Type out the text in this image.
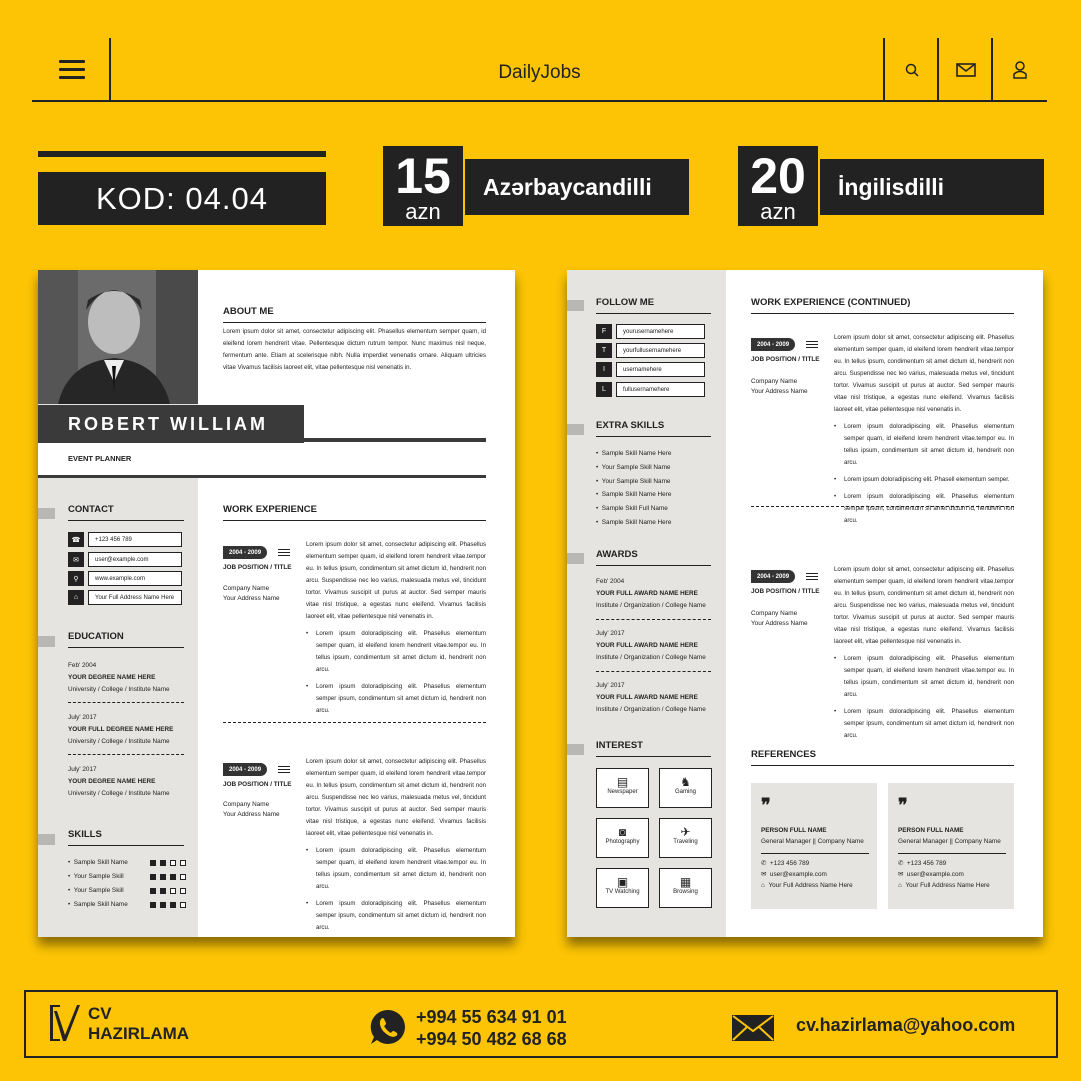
DailyJobs
KOD: 04.04	15
azn
Azərbaycandilli	20
azn
İngilisdilli
ROBERT WILLIAM
EVENT PLANNER
ABOUT ME
Lorem ipsum dolor sit amet, consectetur adipiscing elit. Phasellus elementum semper quam, id eleifend lorem hendrerit vitae. Pellentesque dictum rutrum tempor. Nunc maximus nisl neque, fermentum ante. Etiam at scelerisque nibh. Nulla imperdiet venenatis ornare. Aliquam ultricies vitae Vivamus facilisis laoreet elit, vitae pellentesque nisl venenatis in.
CONTACT
☎	+123 456 789
✉	user@example.com
⚲	www.example.com
⌂	Your Full Address Name Here
EDUCATION
Feb' 2004
YOUR DEGREE NAME HERE
University / College / Institute Name
July' 2017
YOUR FULL DEGREE NAME HERE
University / College / Institute Name
July' 2017
YOUR DEGREE NAME HERE
University / College / Institute Name
SKILLS
•  Sample Skill Name
•  Your Sample Skill
•  Your Sample Skill
•  Sample Skill Name
WORK EXPERIENCE
2004 - 2009
JOB POSITION / TITLE
Company Name
Your Address Name
Lorem ipsum dolor sit amet, consectetur adipiscing elit. Phasellus elementum semper quam, id eleifend lorem hendrerit vitae.tempor eu. In tellus ipsum, condimentum sit amet dictum id, hendrerit non arcu. Suspendisse nec leo varius, malesuada metus vel, tincidunt tortor. Vivamus suscipit ut purus at auctor. Sed semper mauris vitae nisl tristique, a egestas nunc eleifend. Vivamus facilisis laoreet elit, vitae pellentesque nisl venenatis in.
• Lorem ipsum doloradipiscing elit. Phasellus elementum semper quam, id eleifend lorem hendrerit vitae.tempor eu. In tellus ipsum, condimentum sit amet dictum id, hendrerit non arcu.
• Lorem ipsum doloradipiscing elit. Phasellus elementum semper ipsum, condimentum sit amet dictum id, hendrerit non arcu.
2004 - 2009
JOB POSITION / TITLE
Company Name
Your Address Name
Lorem ipsum dolor sit amet, consectetur adipiscing elit. Phasellus elementum semper quam, id eleifend lorem hendrerit vitae.tempor eu. In tellus ipsum, condimentum sit amet dictum id, hendrerit non arcu. Suspendisse nec leo varius, malesuada metus vel, tincidunt tortor. Vivamus suscipit ut purus at auctor. Sed semper mauris vitae nisl tristique, a egestas nunc eleifend. Vivamus facilisis laoreet elit, vitae pellentesque nisl venenatis in.
• Lorem ipsum doloradipiscing elit. Phasellus elementum semper quam, id eleifend lorem hendrerit vitae.tempor eu. In tellus ipsum, condimentum sit amet dictum id, hendrerit non arcu.
• Lorem ipsum doloradipiscing elit. Phasellus elementum semper ipsum, condimentum sit amet dictum id, hendrerit non arcu.
FOLLOW ME
F	yourusernamehere
T	yourfullusernamehere
I	usernamehere
L	fullusernamehere
EXTRA SKILLS
•  Sample Skill Name Here
•  Your Sample Skill Name
•  Your Sample Skill Name
•  Sample Skill Name Here
•  Sample Skill Full Name
•  Sample Skill Name Here
AWARDS
Feb' 2004
YOUR FULL AWARD NAME HERE
Institute / Organization / College Name
July' 2017
YOUR FULL AWARD NAME HERE
Institute / Organization / College Name
July' 2017
YOUR FULL AWARD NAME HERE
Institute / Organization / College Name
INTEREST
▤
Newspaper
♞
Gaming
◙
Photography
✈
Traveling
▣
TV Watching
▦
Browsing
WORK EXPERIENCE (CONTINUED)
2004 - 2009
JOB POSITION / TITLE
Company Name
Your Address Name
Lorem ipsum dolor sit amet, consectetur adipiscing elit. Phasellus elementum semper quam, id eleifend lorem hendrerit vitae.tempor eu. In tellus ipsum, condimentum sit amet dictum id, hendrerit non arcu. Suspendisse nec leo varius, malesuada metus vel, tincidunt tortor. Vivamus suscipit ut purus at auctor. Sed semper mauris vitae nisl tristique, a egestas nunc eleifend. Vivamus facilisis laoreet elit, vitae pellentesque nisl venenatis in.
• Lorem ipsum doloradipiscing elit. Phasellus elementum semper quam, id eleifend lorem hendrerit vitae.tempor eu. In tellus ipsum, condimentum sit amet dictum id, hendrerit non arcu.
• Lorem ipsum doloradipiscing elit. Phasell elementum semper.
• Lorem ipsum doloradipiscing elit. Phasellus elementum semper ipsum, condimentum sit amet dictum id, hendrerit non arcu.
2004 - 2009
JOB POSITION / TITLE
Company Name
Your Address Name
Lorem ipsum dolor sit amet, consectetur adipiscing elit. Phasellus elementum semper quam, id eleifend lorem hendrerit vitae.tempor eu. In tellus ipsum, condimentum sit amet dictum id, hendrerit non arcu. Suspendisse nec leo varius, malesuada metus vel, tincidunt tortor. Vivamus suscipit ut purus at auctor. Sed semper mauris vitae nisl tristique, a egestas nunc eleifend. Vivamus facilisis laoreet elit, vitae pellentesque nisl venenatis in.
• Lorem ipsum doloradipiscing elit. Phasellus elementum semper quam, id eleifend lorem hendrerit vitae.tempor eu. In tellus ipsum, condimentum sit amet dictum id, hendrerit non arcu.
• Lorem ipsum doloradipiscing elit. Phasellus elementum semper ipsum, condimentum sit amet dictum id, hendrerit non arcu.
REFERENCES
❞
PERSON FULL NAME
General Manager || Company Name
✆ +123 456 789
✉ user@example.com
⌂ Your Full Address Name Here
❞
PERSON FULL NAME
General Manager || Company Name
✆ +123 456 789
✉ user@example.com
⌂ Your Full Address Name Here
CV
HAZIRLAMA
+994 55 634 91 01
+994 50 482 68 68
cv.hazirlama@yahoo.com
